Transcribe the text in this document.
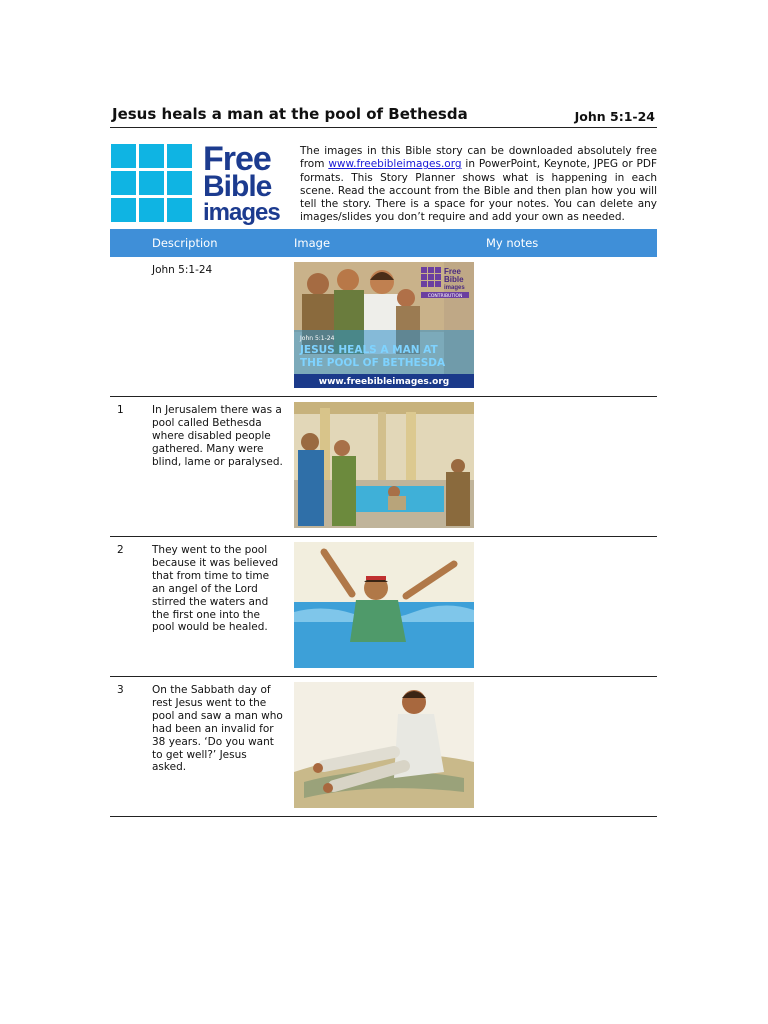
Jesus heals a man at the pool of Bethesda	John 5:1-24
Free
Bible
images
The images in this Bible story can be downloaded absolutely free from www.freebibleimages.org in PowerPoint, Keynote, JPEG or PDF formats. This Story Planner shows what is happening in each scene. Read the account from the Bible and then plan how you will tell the story. There is a space for your notes. You can delete any images/slides you don’t require and add your own as needed.
Description	Image	My notes
John 5:1-24
John 5:1-24
JESUS HEALS A MAN AT
THE POOL OF BETHESDA
www.freebibleimages.org
Free
Bible
images
CONTRIBUTION
1	In Jerusalem there was a pool called Bethesda where disabled people gathered. Many were blind, lame or paralysed.
2	They went to the pool because it was believed that from time to time an angel of the Lord stirred the waters and the first one into the pool would be healed.
3	On the Sabbath day of rest Jesus went to the pool and saw a man who had been an invalid for 38 years. ‘Do you want to get well?’ Jesus asked.
